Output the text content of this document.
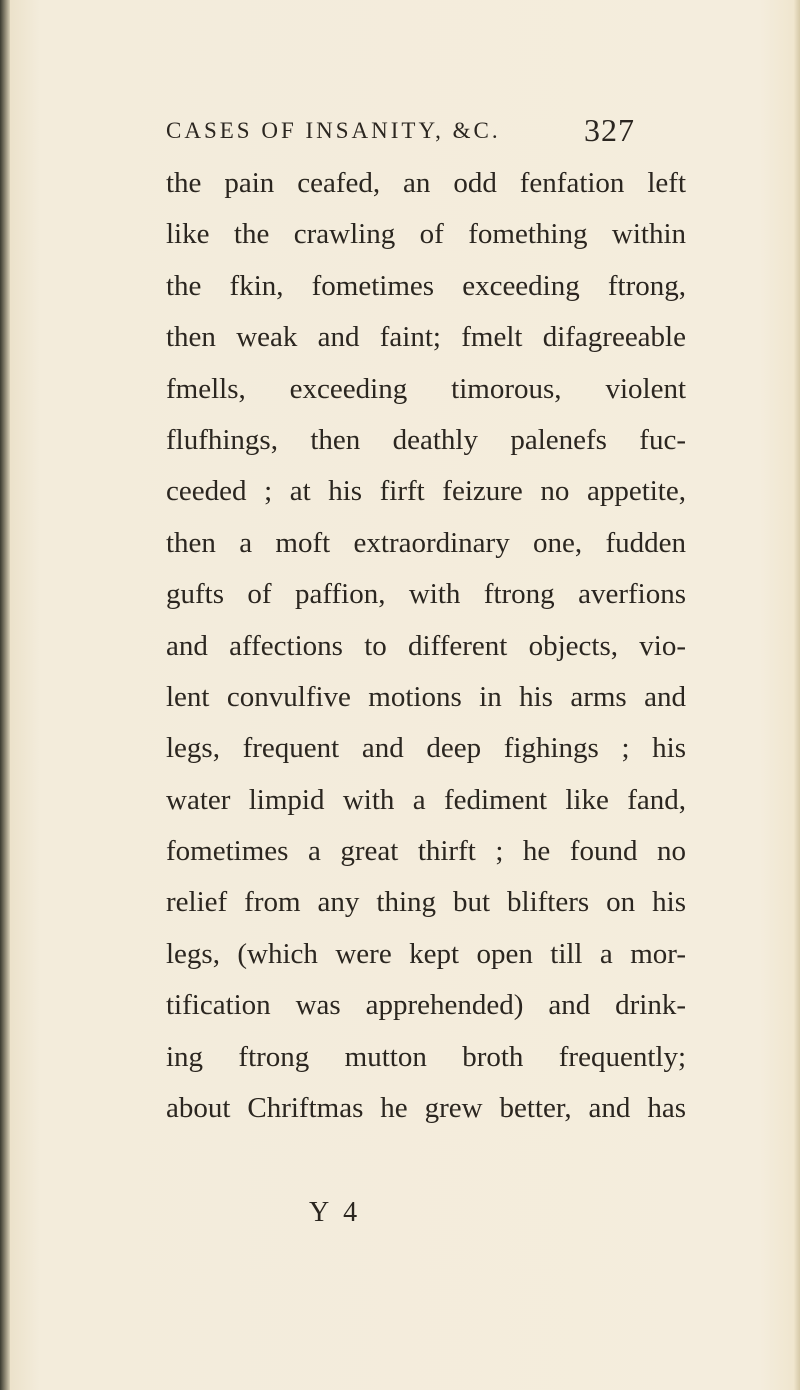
CASES OF INSANITY, &C.	327
the pain ceafed, an odd fenfation left
like the crawling of fomething within
the fkin, fometimes exceeding ftrong,
then weak and faint; fmelt difagreeable
fmells, exceeding timorous, violent
flufhings, then deathly palenefs fuc-
ceeded ; at his firft feizure no appetite,
then a moft extraordinary one, fudden
gufts of paffion, with ftrong averfions
and affections to different objects, vio-
lent convulfive motions in his arms and
legs, frequent and deep fighings ; his
water limpid with a fediment like fand,
fometimes a great thirft ; he found no
relief from any thing but blifters on his
legs, (which were kept open till a mor-
tification was apprehended) and drink-
ing ftrong mutton broth frequently;
about Chriftmas he grew better, and has
Y 4
